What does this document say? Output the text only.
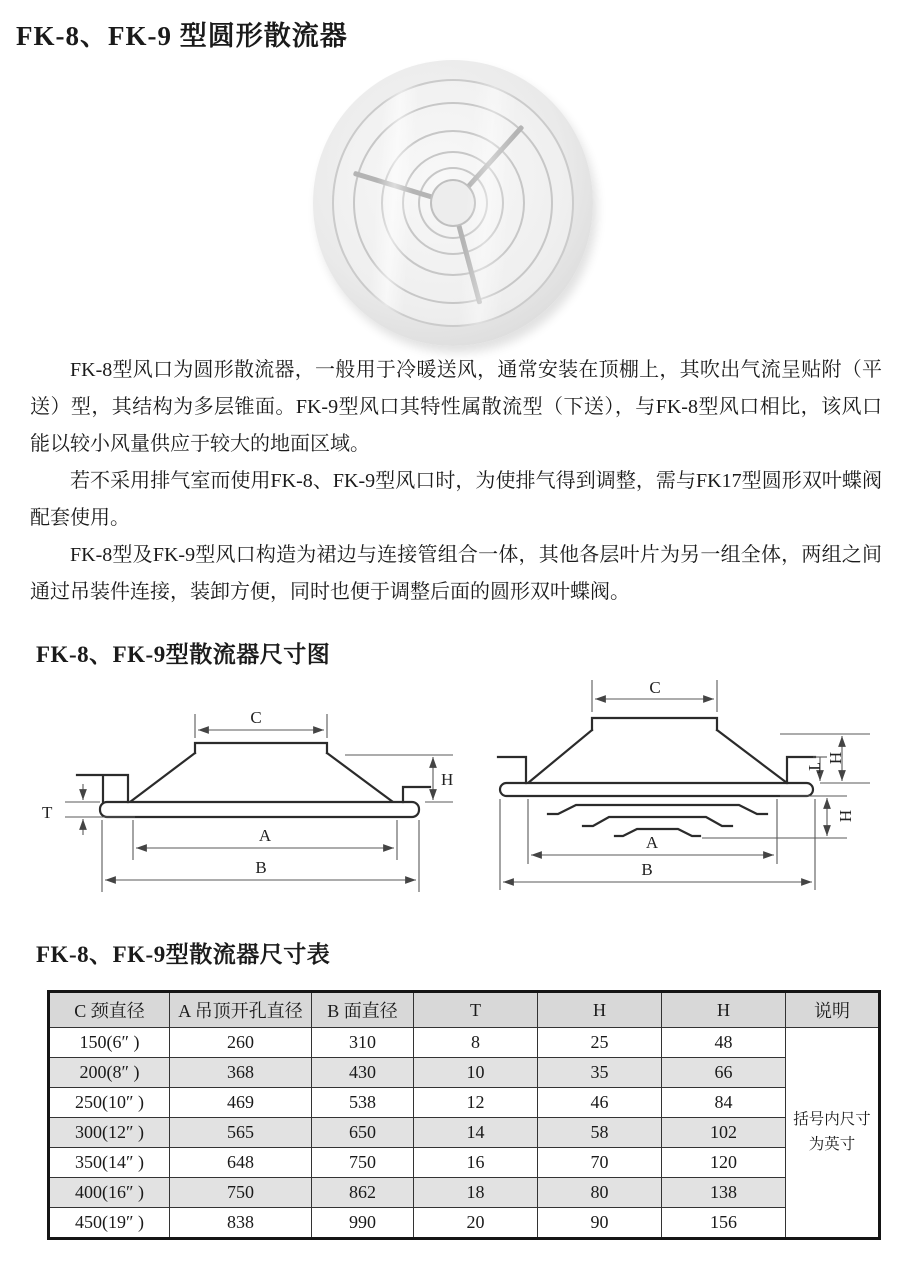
FK-8、FK-9 型圆形散流器

FK-8型风口为圆形散流器，一般用于冷暖送风，通常安装在顶棚上，其吹出气流呈贴附（平送）型，其结构为多层锥面。FK-9型风口其特性属散流型（下送），与FK-8型风口相比，该风口能以较小风量供应于较大的地面区域。

若不采用排气室而使用FK-8、FK-9型风口时，为使排气得到调整，需与FK17型圆形双叶蝶阀配套使用。

FK-8型及FK-9型风口构造为裙边与连接管组合一体，其他各层叶片为另一组全体，两组之间通过吊装件连接，装卸方便，同时也便于调整后面的圆形双叶蝶阀。

FK-8、FK-9型散流器尺寸图
C
H
T
A
B
C
H
T
H
A
B
FK-8、FK-9型散流器尺寸表
C 颈直径	A 吊顶开孔直径	B 面直径	T	H	H	说明
150(6″ )	260	310	8	25	48	括号内尺寸为英寸
200(8″ )	368	430	10	35	66	
250(10″ )	469	538	12	46	84	
300(12″ )	565	650	14	58	102	
350(14″ )	648	750	16	70	120	
400(16″ )	750	862	18	80	138	
450(19″ )	838	990	20	90	156	
